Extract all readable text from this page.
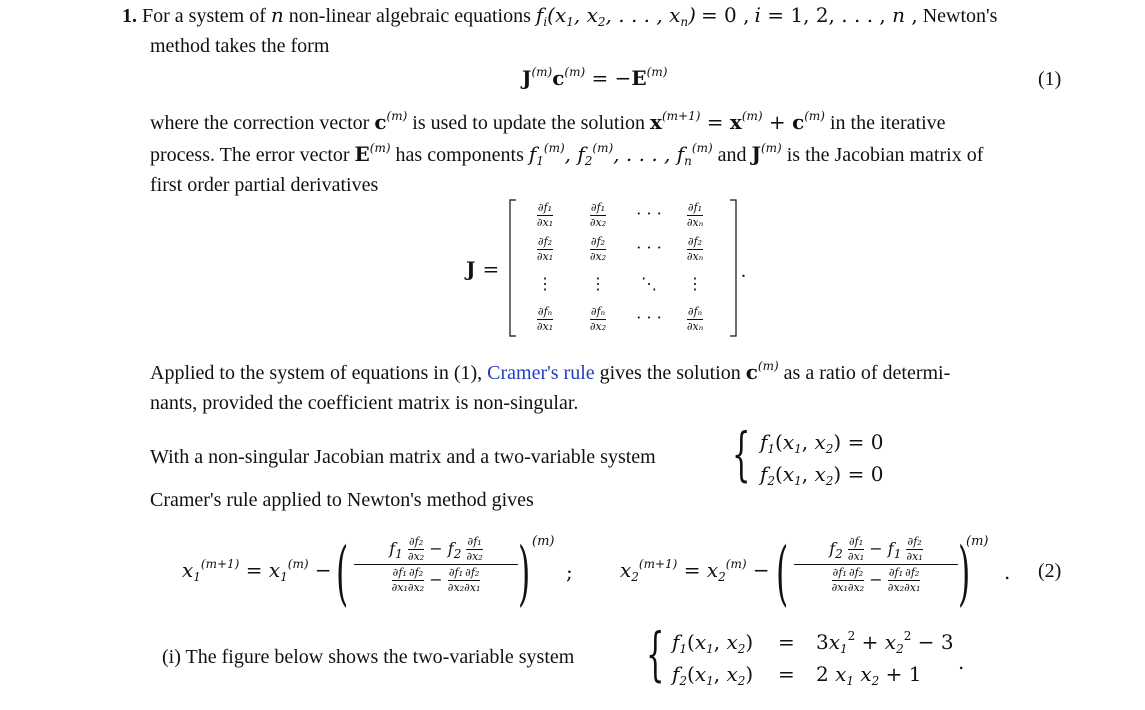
1. For a system of n non-linear algebraic equations $f_i(x_1$, $x_2$, . . . , $x_n) = 0$ , i = 1, 2, . . . , n , Newton's
method takes the form
$J^{(m)}c^{(m)} = -E^{(m)}$	(1)
where the correction vector $c^{(m)}$ is used to update the solution $x^{(m+1)} = x^{(m)} + c^{(m)}$ in the iterative
process. The error vector $E^{(m)}$ has components $f_1^{(m)}$, $f_2^{(m)}$, . . . , $f_n^{(m)}$ and $J^{(m)}$ is the Jacobian matrix of
first order partial derivatives
J =
$\frac{\text{∂f₁}}{\text{∂x₁}}$	$\frac{\text{∂f₁}}{\text{∂x₂}}$	· · ·	$\frac{\text{∂f₁}}{\text{∂xₙ}}$
$\frac{\text{∂f₂}}{\text{∂x₁}}$	$\frac{\text{∂f₂}}{\text{∂x₂}}$	· · ·	$\frac{\text{∂f₂}}{\text{∂xₙ}}$
⋮	⋮	⋱	⋮
$\frac{\text{∂fₙ}}{\text{∂x₁}}$	$\frac{\text{∂fₙ}}{\text{∂x₂}}$	· · ·	$\frac{\text{∂fₙ}}{\text{∂xₙ}}$
.
Applied to the system of equations in (1), Cramer's rule gives the solution $c^{(m)}$ as a ratio of determi-
nants, provided the coefficient matrix is non-singular.
With a non-singular Jacobian matrix and a two-variable system { $f_1(x_1$, $x_2) = 0$
$f_2(x_1$, $x_2) = 0$
Cramer's rule applied to Newton's method gives
$x_1^{(m+1)} = x_1^{(m)}$ − (	$f_1 \frac{\text{∂f₂}}{\text{∂x₂}} - f_2 \frac{\text{∂f₁}}{\text{∂x₂}}$
$\frac{\text{∂f₁}}{\text{∂x₁}} \frac{\text{∂f₂}}{\text{∂x₂}} - \frac{\text{∂f₁}}{\text{∂x₂}} \frac{\text{∂f₂}}{\text{∂x₁}}$ ) (m)
; $x_2^{(m+1)} = x_2^{(m)}$ − (	$f_2 \frac{\text{∂f₁}}{\text{∂x₁}} - f_1 \frac{\text{∂f₂}}{\text{∂x₁}}$
$\frac{\text{∂f₁}}{\text{∂x₁}} \frac{\text{∂f₂}}{\text{∂x₂}} - \frac{\text{∂f₁}}{\text{∂x₂}} \frac{\text{∂f₂}}{\text{∂x₁}}$ )
(m)
. (2)
(i) The figure below shows the two-variable system { $f_1(x_1$, $x_2) = 3x_1^2 + x_2^2 - 3$
$f_2(x_1$, $x_2) = 2$ $x_1$ $x_2 + 1$ .
